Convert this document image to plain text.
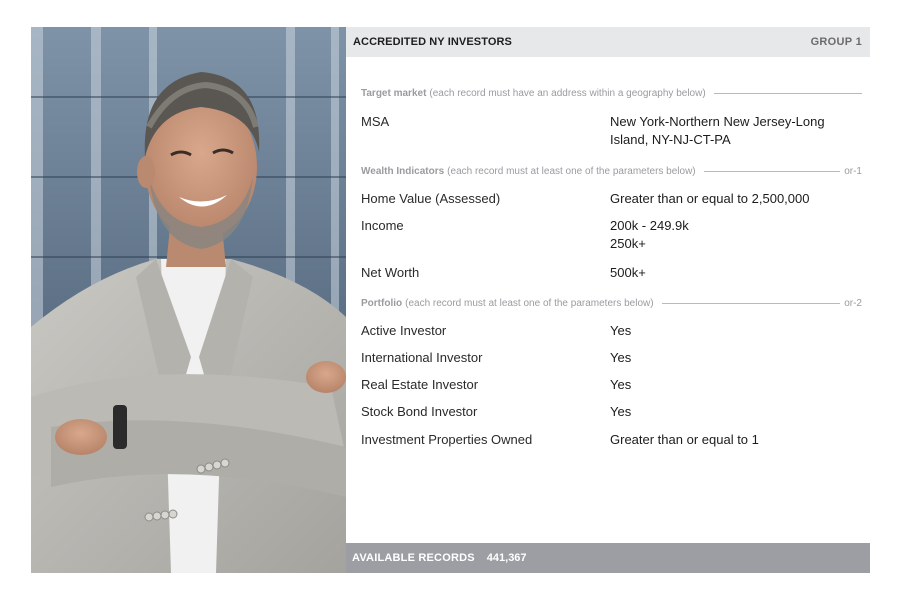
ACCREDITED NY INVESTORS	GROUP 1
Target market (each record must have an address within a geography below)
MSA	New York-Northern New Jersey-Long Island, NY-NJ-CT-PA
Wealth Indicators (each record must at least one of the parameters below)	or-1
Home Value (Assessed)	Greater than or equal to 2,500,000
Income	200k - 249.9k
250k+
Net Worth	500k+
Portfolio (each record must at least one of the parameters below)	or-2
Active Investor	Yes
International Investor	Yes
Real Estate Investor	Yes
Stock Bond Investor	Yes
Investment Properties Owned	Greater than or equal to 1
AVAILABLE RECORDS 441,367
